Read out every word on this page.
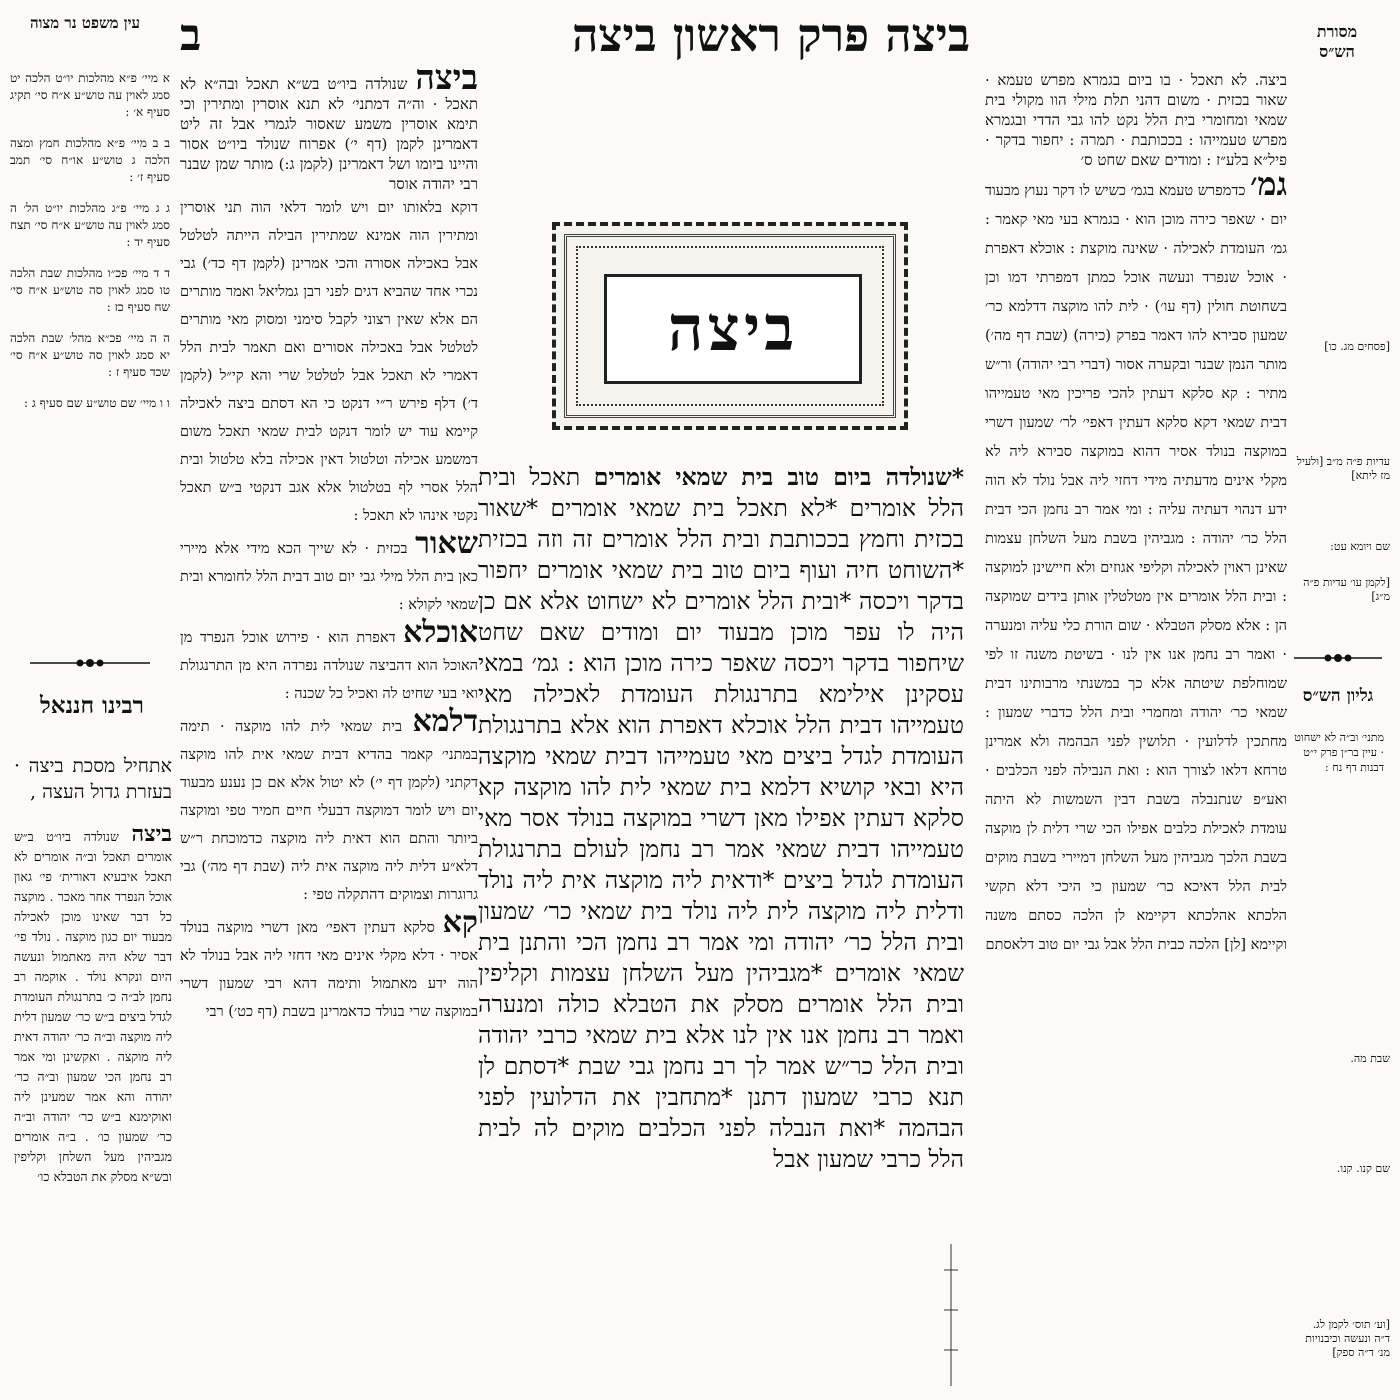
ב	ביצה פרק ראשון ביצה
עין משפט נר מצוה	מסורת הש״ס
א מיי׳ פ״א מהלכות יו״ט הלכה יט סמג לאוין עה טוש״ע א״ח סי׳ תקיג סעיף א׳ :
ב ב מיי׳ פ״א מהלכות חמץ ומצה הלכה ג טוש״ע או״ח סי׳ תמב סעיף ז׳ :
ג ג מיי׳ פ״ג מהלכות יו״ט הל׳ ה סמג לאוין עה טוש״ע א״ח סי׳ תצח סעיף יד :
ד ד מיי׳ פכ״ו מהלכות שבת הלכה טו סמג לאוין סה טוש״ע א״ח סי׳ שח סעיף כז :
ה ה מיי׳ פכ״א מהל׳ שבת הלכה יא סמג לאוין סה טוש״ע א״ח סי׳ שכד סעיף ז :
ו ו מיי׳ שם טוש״ע שם סעיף ג :
רבינו חננאל

אתחיל מסכת ביצה · בעזרת גדול העצה ,

ביצה שנולדה ביו״ט ב״ש אומרים תאכל וב״ה אומרים לא תאכל איבעיא דאורית׳ פי׳ גאון אוכל הנפרד אחר מאכר . מוקצה כל דבר שאינו מוכן לאכילה מבעוד יום כגון מוקצה . נולד פי׳ דבר שלא היה מאתמול ונעשה היום ונקרא נולד . אוקמה רב נחמן לב״ה כ׳ בתרנגולת העומדת לגדל ביצים ב״ש כר׳ שמעון דלית ליה מוקצה וב״ה כר׳ יהודה דאית ליה מוקצה . ואקשינן ומי אמר רב נחמן הכי שמעון וב״ה כר׳ יהודה והא אמר שמעינן ליה ואוקימנא ב״ש כר׳ יהודה וב״ה כר׳ שמעון כו׳ . ב״ה אומרים מגביהין מעל השלחן וקליפין ובש״א מסלק את הטבלא כו׳

ביצה שנולדה ביו״ט בש״א תאכל ובה״א לא תאכל · וה״ה דמתני׳ לא תנא אוסרין ומתירין וכי תימא אוסרין משמע שאסור לגמרי אבל זה ליט דאמרינן לקמן (דף י׳) אפרוח שנולד ביו״ט אסור והיינו ביומו ושל דאמרינן (לקמן ג:) מותר שמן שבנר רבי יהודה אוסר

דוקא בלאותו יום ויש לומר דלאי הוה תני אוסרין ומתירין הוה אמינא שמתירין הבילה הייתה לטלטל אבל באכילה אסורה והכי אמרינן (לקמן דף כד׳) גבי נכרי אחד שהביא דגים לפני רבן גמליאל ואמר מותרים הם אלא שאין רצוני לקבל סימני ומסוק מאי מותרים לטלטל אבל באכילה אסורים ואם תאמר לבית הלל דאמרי לא תאכל אבל לטלטל שרי והא קי״ל (לקמן ד׳) דלף פירש ר״י דנקט כי הא דסתם ביצה לאכילה קיימא עוד יש לומר דנקט לבית שמאי תאכל משום דמשמע אכילה וטלטול דאין אכילה בלא טלטול ובית הלל אסרי לף בטלטול אלא אגב דנקטי ב״ש תאכל נקטי אינהו לא תאכל :

שאור בכזית · לא שייך הכא מידי אלא מיירי כאן בית הלל מילי גבי יום טוב דבית הלל לחומרא ובית שמאי לקולא :

אוכלא דאפרת הוא · פירוש אוכל הנפרד מן האוכל הוא דהביצה שנולדה נפרדה היא מן התרנגולת ואי בעי שחיט לה ואכיל כל שכנה :

דלמא בית שמאי לית להו מוקצה · תימה במתני׳ קאמר בהדיא דבית שמאי אית להו מוקצה דקתני (לקמן דף י׳) לא יטול אלא אם כן נענע מבעוד יום ויש לומר דמוקצה דבעלי חיים חמיר טפי ומוקצה ביותר והתם הוא דאית ליה מוקצה כדמוכחת ר״ש דלא״ע דלית ליה מוקצה אית ליה (שבת דף מה׳) גבי גרוגרות וצמוקים דהתקלה טפי :

קא סלקא דעתין דאפי׳ מאן דשרי מוקצה בנולד אסיר · דלא מקלי אינים מאי דחזי ליה אבל בנולד לא הוה ידע מאתמול ותימה דהא רבי שמעון דשרי במוקצה שרי בנולד כדאמרינן בשבת (דף כט׳) רבי

ביצה
*שנולדה ביום טוב בית שמאי אומרים תאכל ובית הלל אומרים *לא תאכל בית שמאי אומרים *שאור בכזית וחמץ בככותבת ובית הלל אומרים זה וזה בכזית *השוחט חיה ועוף ביום טוב בית שמאי אומרים יחפור בדקר ויכסה *ובית הלל אומרים לא ישחוט אלא אם כן היה לו עפר מוכן מבעוד יום ומודים שאם שחט שיחפור בדקר ויכסה שאפר כירה מוכן הוא : גמ׳ במאי עסקינן אילימא בתרנגולת העומדת לאכילה מאי טעמייהו דבית הלל אוכלא דאפרת הוא אלא בתרנגולת העומדת לגדל ביצים מאי טעמייהו דבית שמאי מוקצה היא ובאי קושיא דלמא בית שמאי לית להו מוקצה קא סלקא דעתין אפילו מאן דשרי במוקצה בנולד אסר מאי טעמייהו דבית שמאי אמר רב נחמן לעולם בתרנגולת העומדת לגדל ביצים *ודאית ליה מוקצה אית ליה נולד ודלית ליה מוקצה לית ליה נולד בית שמאי כר׳ שמעון ובית הלל כר׳ יהודה ומי אמר רב נחמן הכי והתנן בית שמאי אומרים *מגביהין מעל השלחן עצמות וקליפין ובית הלל אומרים מסלק את הטבלא כולה ומנערה ואמר רב נחמן אנו אין לנו אלא בית שמאי כרבי יהודה ובית הלל כר״ש אמר לך רב נחמן גבי שבת *דסתם לן תנא כרבי שמעון דתנן *מתחבין את הדלועין לפני הבהמה *ואת הנבלה לפני הכלבים מוקים לה לבית הלל כרבי שמעון אבל

ביצה. לא תאכל · בו ביום בגמרא מפרש טעמא · שאור בכזית · משום דהני תלת מילי הוו מקולי בית שמאי ומחומרי בית הלל נקט להו גבי הדדי ובגמרא מפרש טעמייהו : בככותבת · תמרה : יחפור בדקר · פיל״א בלע״ז : ומודים שאם שחט ס׳

גמ׳ כדמפרש טעמא בגמ׳ כשיש לו דקר נעוץ מבעוד יום · שאפר כירה מוכן הוא · בגמרא בעי מאי קאמר : גמ׳ העומדת לאכילה · שאינה מוקצת : אוכלא דאפרת · אוכל שנפרד ונעשה אוכל כמתן דמפרתי דמו וכן בשחוטת חולין (דף עו׳) · לית להו מוקצה דדלמא כר׳ שמעון סבירא להו דאמר בפרק (כירה) (שבת דף מה׳) מותר הנמן שבנר ובקערה אסור (דברי רבי יהודה) ור״ש מתיר : קא סלקא דעתין להכי פריכין מאי טעמייהו דבית שמאי דקא סלקא דעתין דאפי׳ לר׳ שמעון דשרי במוקצה בנולד אסיר דהוא במוקצה סבירא ליה לא מקלי אינים מדעתיה מידי דחזי ליה אבל נולד לא הוה ידע דנהוי דעתיה עליה : ומי אמר רב נחמן הכי דבית הלל כר׳ יהודה : מגביהין בשבת מעל השלחן עצמות שאינן ראוין לאכילה וקליפי אגוזים ולא חיישינן למוקצה : ובית הלל אומרים אין מטלטלין אותן בידים שמוקצה הן : אלא מסלק הטבלא · שום הורת כלי עליה ומנערה · ואמר רב נחמן אנו אין לנו · בשיטת משנה זו לפי שמוחלפת שיטתה אלא כך במשנתי מרבותינו דבית שמאי כר׳ יהודה ומחמרי ובית הלל כדברי שמעון : מחתכין לדלועין · תלושין לפני הבהמה ולא אמרינן טרחא דלאו לצורך הוא : ואת הנבילה לפני הכלבים · ואע״פ שנתנבלה בשבת דבין השמשות לא היתה עומדת לאכילת כלבים אפילו הכי שרי דלית לן מוקצה בשבת הלכך מגביהין מעל השלחן דמיירי בשבת מוקים לבית הלל דאיכא כר׳ שמעון כי היכי דלא תקשי הלכתא אהלכתא דקיימא לן הלכה כסתם משנה וקיימא [לן] הלכה כבית הלל אבל גבי יום טוב דלאסתם

[פסחים מג. כו]
עדיות פ״ה מ״ב [ולעיל מז ליתא]
שם ויומא עט:
[לקמן עו׳ עדיות פ״ה מ״ג]
גליון הש״ס
מתני׳ וב״ה לא ישחוט · עיין בר״ן פרק י״ט דבנות דף נח :
שבת מה.
שם קנו. קנו.
[וע׳ תוס׳ לקמן לג. ד״ה ונעשה וכיבנויות מנ׳ ד״ה ספק]
